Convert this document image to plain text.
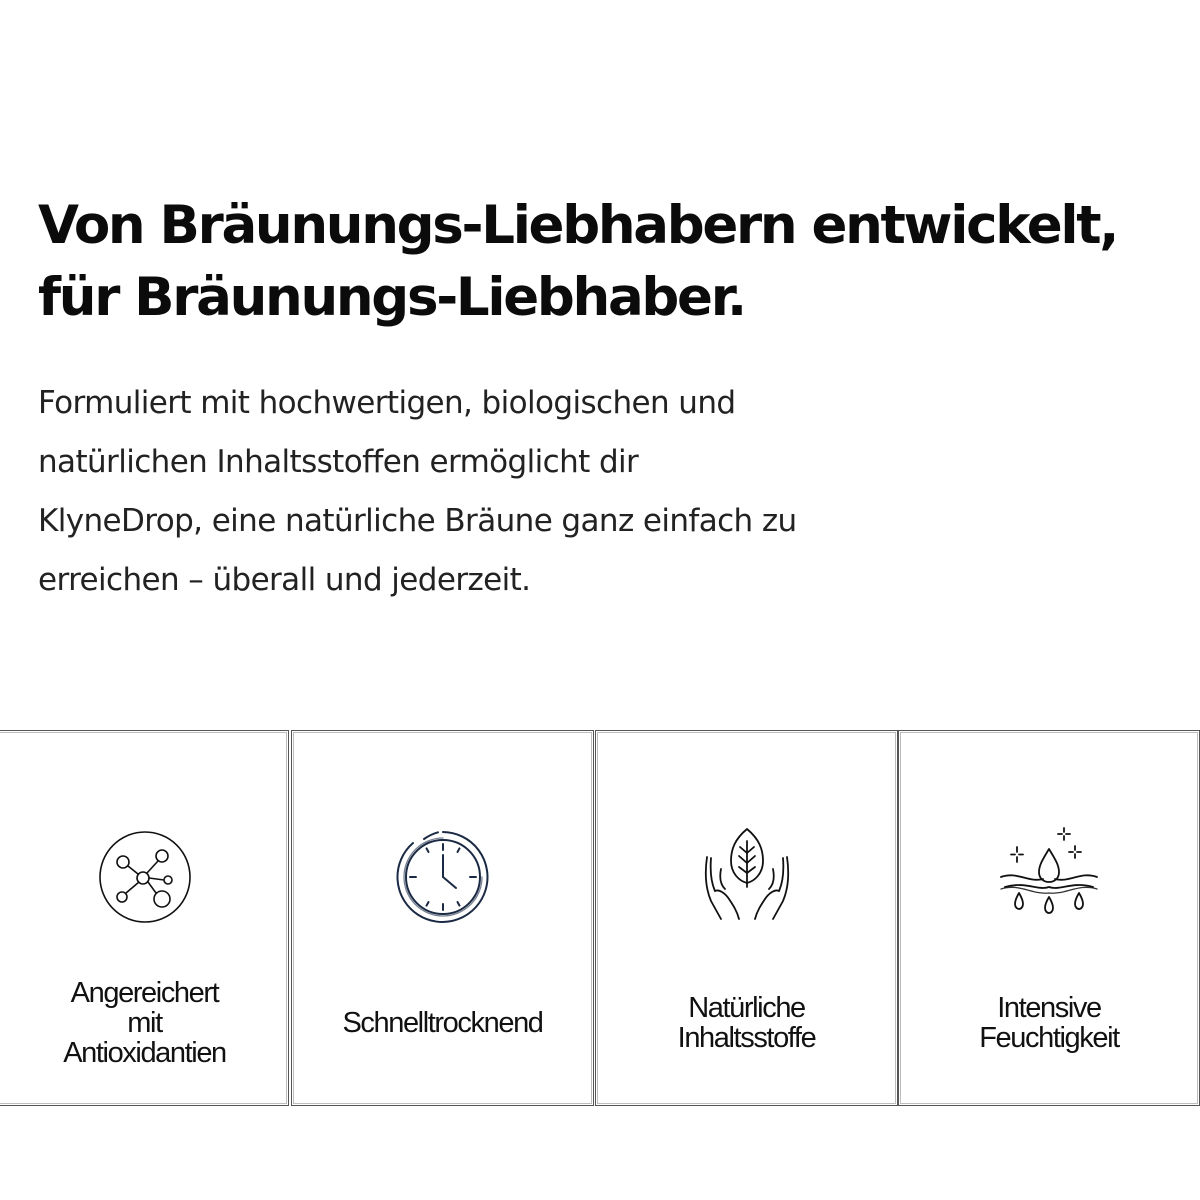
Von Bräunungs-Liebhabern entwickelt,
für Bräunungs-Liebhaber.

Formuliert mit hochwertigen, biologischen und
natürlichen Inhaltsstoffen ermöglicht dir
KlyneDrop, eine natürliche Bräune ganz einfach zu
erreichen – überall und jederzeit.

Angereichert
mit
Antioxidantien
Schnelltrocknend	Natürliche
Inhaltsstoffe
Intensive
Feuchtigkeit
